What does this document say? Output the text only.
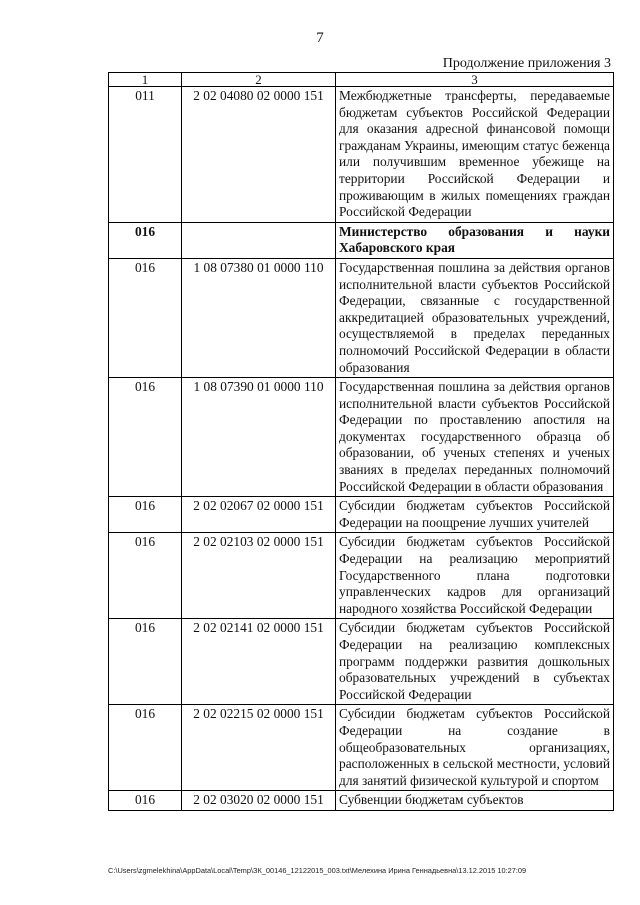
7
Продолжение приложения 3
1	2	3
011	2 02 04080 02 0000 151	Межбюджетные трансферты, передаваемые бюджетам субъектов Российской Федерации для оказания адресной финансовой помощи гражданам Украины, имеющим статус беженца или получившим временное убежище на территории Российской Федерации и проживающим в жилых помещениях граждан Российской Федерации
016		Министерство образования и науки Хабаровского края
016	1 08 07380 01 0000 110	Государственная пошлина за действия органов исполнительной власти субъектов Российской Федерации, связанные с государственной аккредитацией образовательных учреждений, осуществляемой в пределах переданных полномочий Российской Федерации в области образования
016	1 08 07390 01 0000 110	Государственная пошлина за действия органов исполнительной власти субъектов Российской Федерации по проставлению апостиля на документах государственного образца об образовании, об ученых степенях и ученых званиях в пределах переданных полномочий Российской Федерации в области образования
016	2 02 02067 02 0000 151	Субсидии бюджетам субъектов Российской Федерации на поощрение лучших учителей
016	2 02 02103 02 0000 151	Субсидии бюджетам субъектов Российской Федерации на реализацию мероприятий Государственного плана подготовки управленческих кадров для организаций народного хозяйства Российской Федерации
016	2 02 02141 02 0000 151	Субсидии бюджетам субъектов Российской Федерации на реализацию комплексных программ поддержки развития дошкольных образовательных учреждений в субъектах Российской Федерации
016	2 02 02215 02 0000 151	Субсидии бюджетам субъектов Российской Федерации на создание в общеобразовательных организациях, расположенных в сельской местности, условий для занятий физической культурой и спортом
016	2 02 03020 02 0000 151	Субвенции бюджетам субъектов
C:\Users\zgmelekhina\AppData\Local\Temp\ЗК_00146_12122015_003.txt\Мелехина Ирина Геннадьевна\13.12.2015 10:27:09
